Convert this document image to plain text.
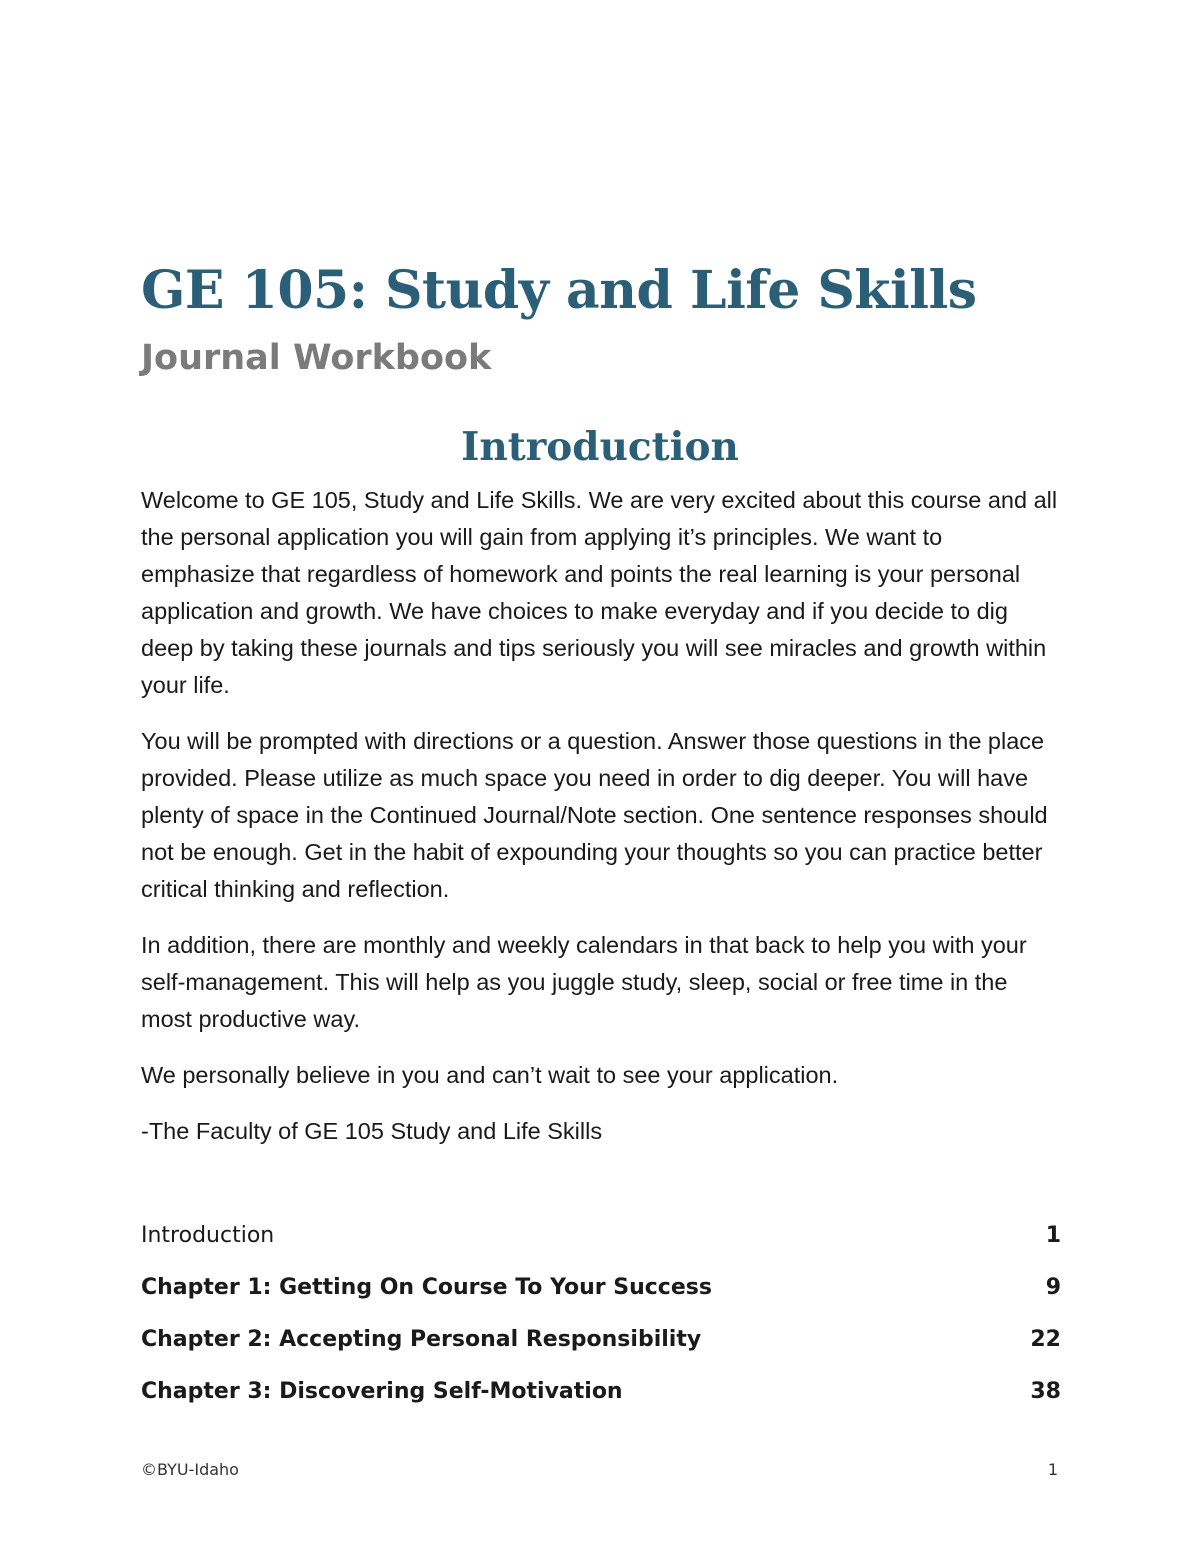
GE 105: Study and Life Skills
Journal Workbook
Introduction

Welcome to GE 105, Study and Life Skills. We are very excited about this course and all the personal application you will gain from applying it’s principles. We want to emphasize that regardless of homework and points the real learning is your personal application and growth. We have choices to make everyday and if you decide to dig deep by taking these journals and tips seriously you will see miracles and growth within your life.

You will be prompted with directions or a question. Answer those questions in the place provided. Please utilize as much space you need in order to dig deeper. You will have plenty of space in the Continued Journal/Note section. One sentence responses should not be enough. Get in the habit of expounding your thoughts so you can practice better critical thinking and reflection.

In addition, there are monthly and weekly calendars in that back to help you with your self-management. This will help as you juggle study, sleep, social or free time in the most productive way.

We personally believe in you and can’t wait to see your application.

-The Faculty of GE 105 Study and Life Skills

Introduction	1
Chapter 1: Getting On Course To Your Success	9
Chapter 2: Accepting Personal Responsibility	22
Chapter 3: Discovering Self-Motivation	38
©BYU-Idaho	1
